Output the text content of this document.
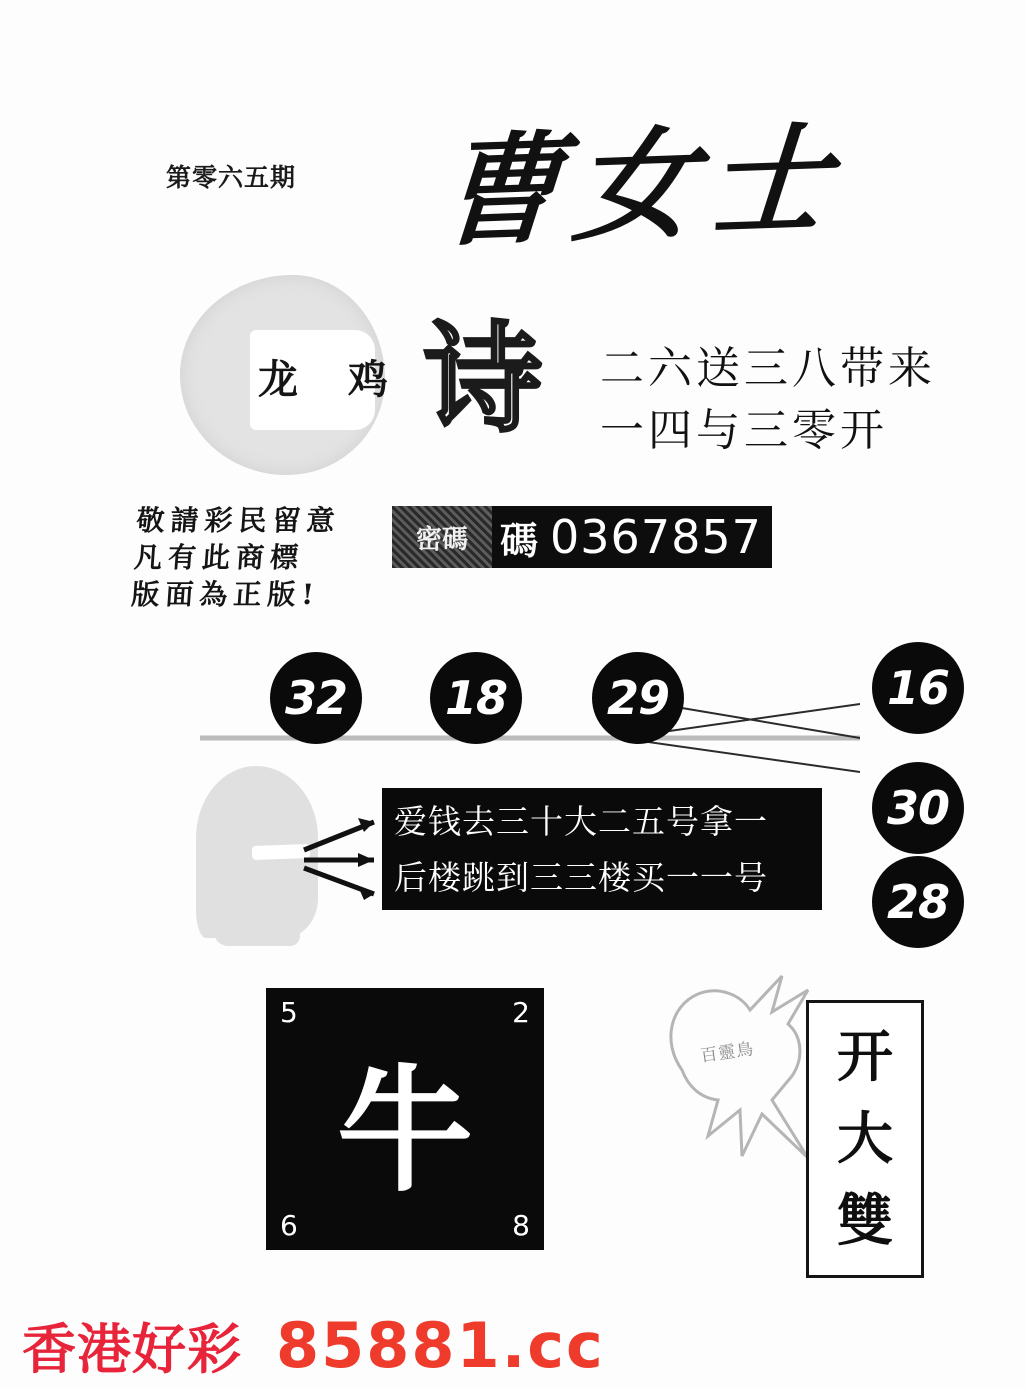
第零六五期 曹女士
龙 鸡 诗 二六送三八带来
一四与三零开
敬請彩民留意
凡有此商標
版面為正版!
密碼 碼 0367857
32	18	29	16
30
28
爱钱去三十大二五号拿一
后楼跳到三三楼买一一号
5	2
6	8
牛	百靈鳥 开
大
雙
香港好彩 85881.cc
